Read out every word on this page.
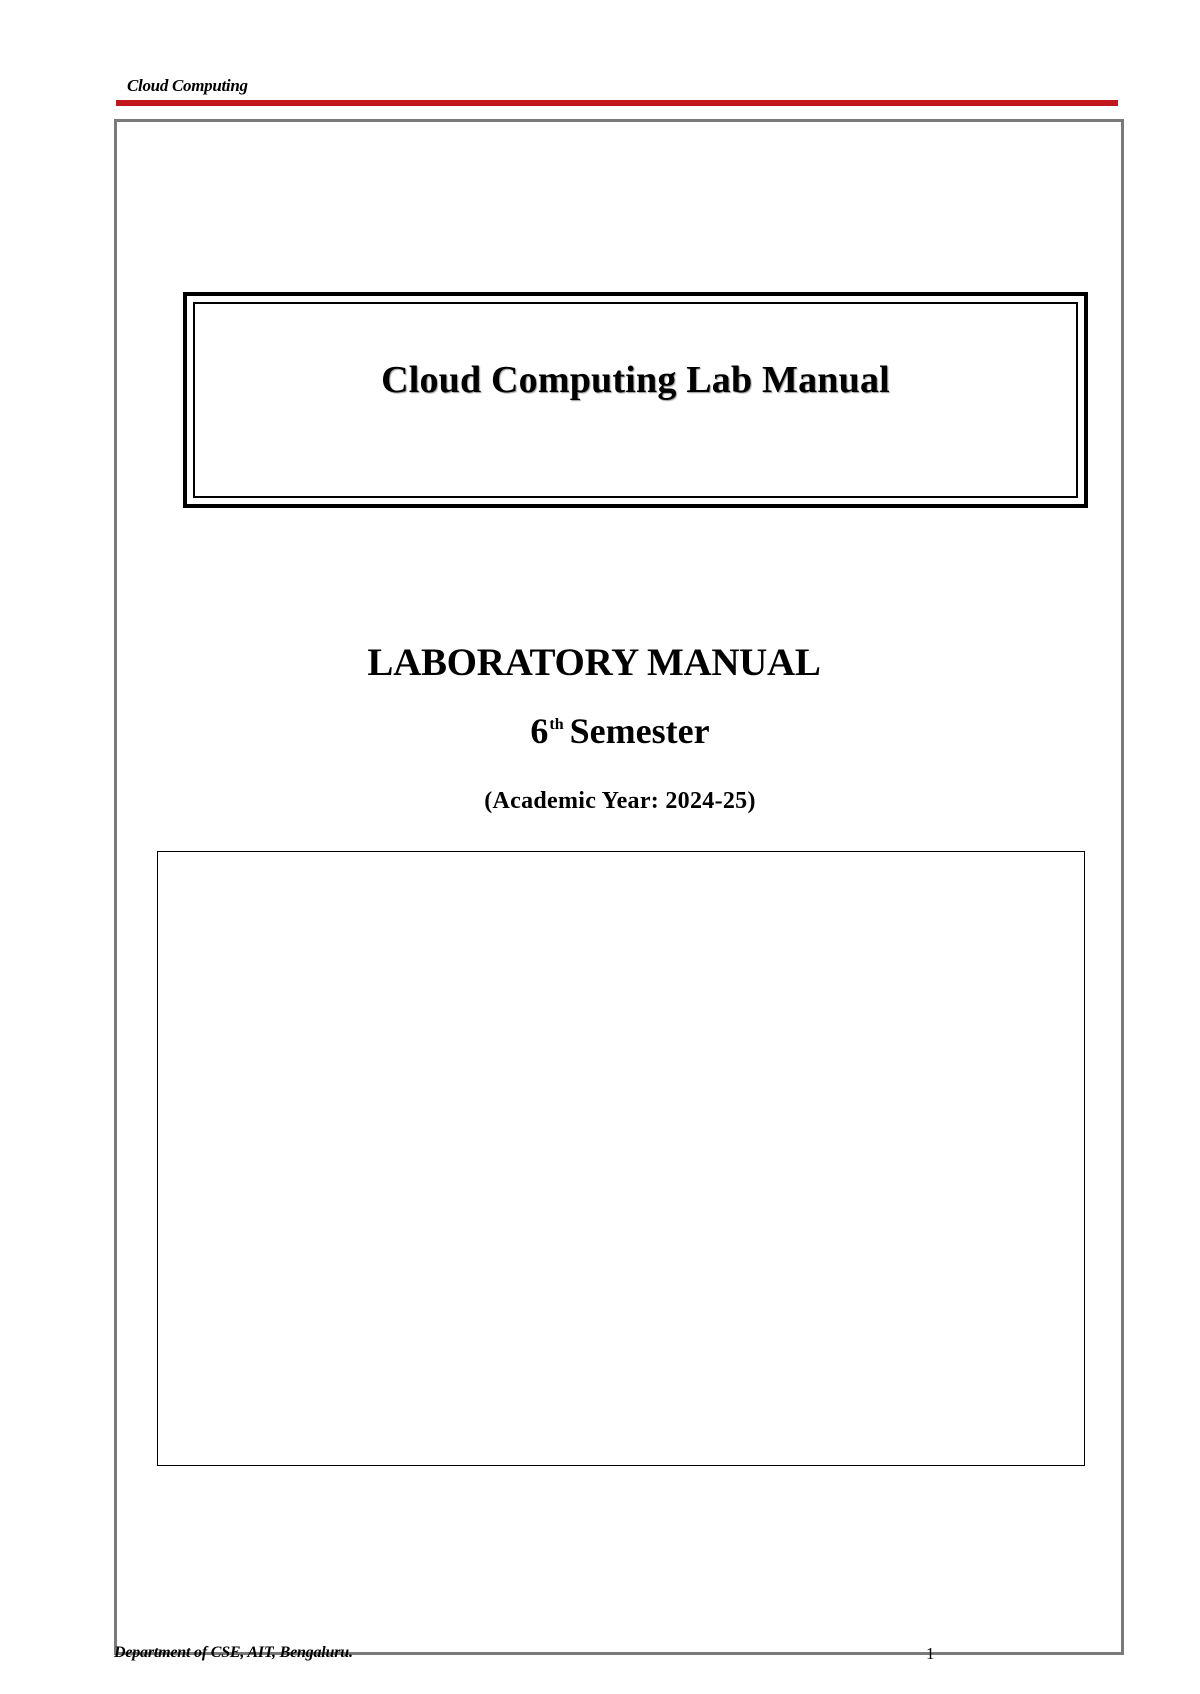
Cloud Computing
Cloud Computing Lab Manual
LABORATORY MANUAL
6th Semester
(Academic Year: 2024-25)
Department of CSE, AIT, Bengaluru.	1
